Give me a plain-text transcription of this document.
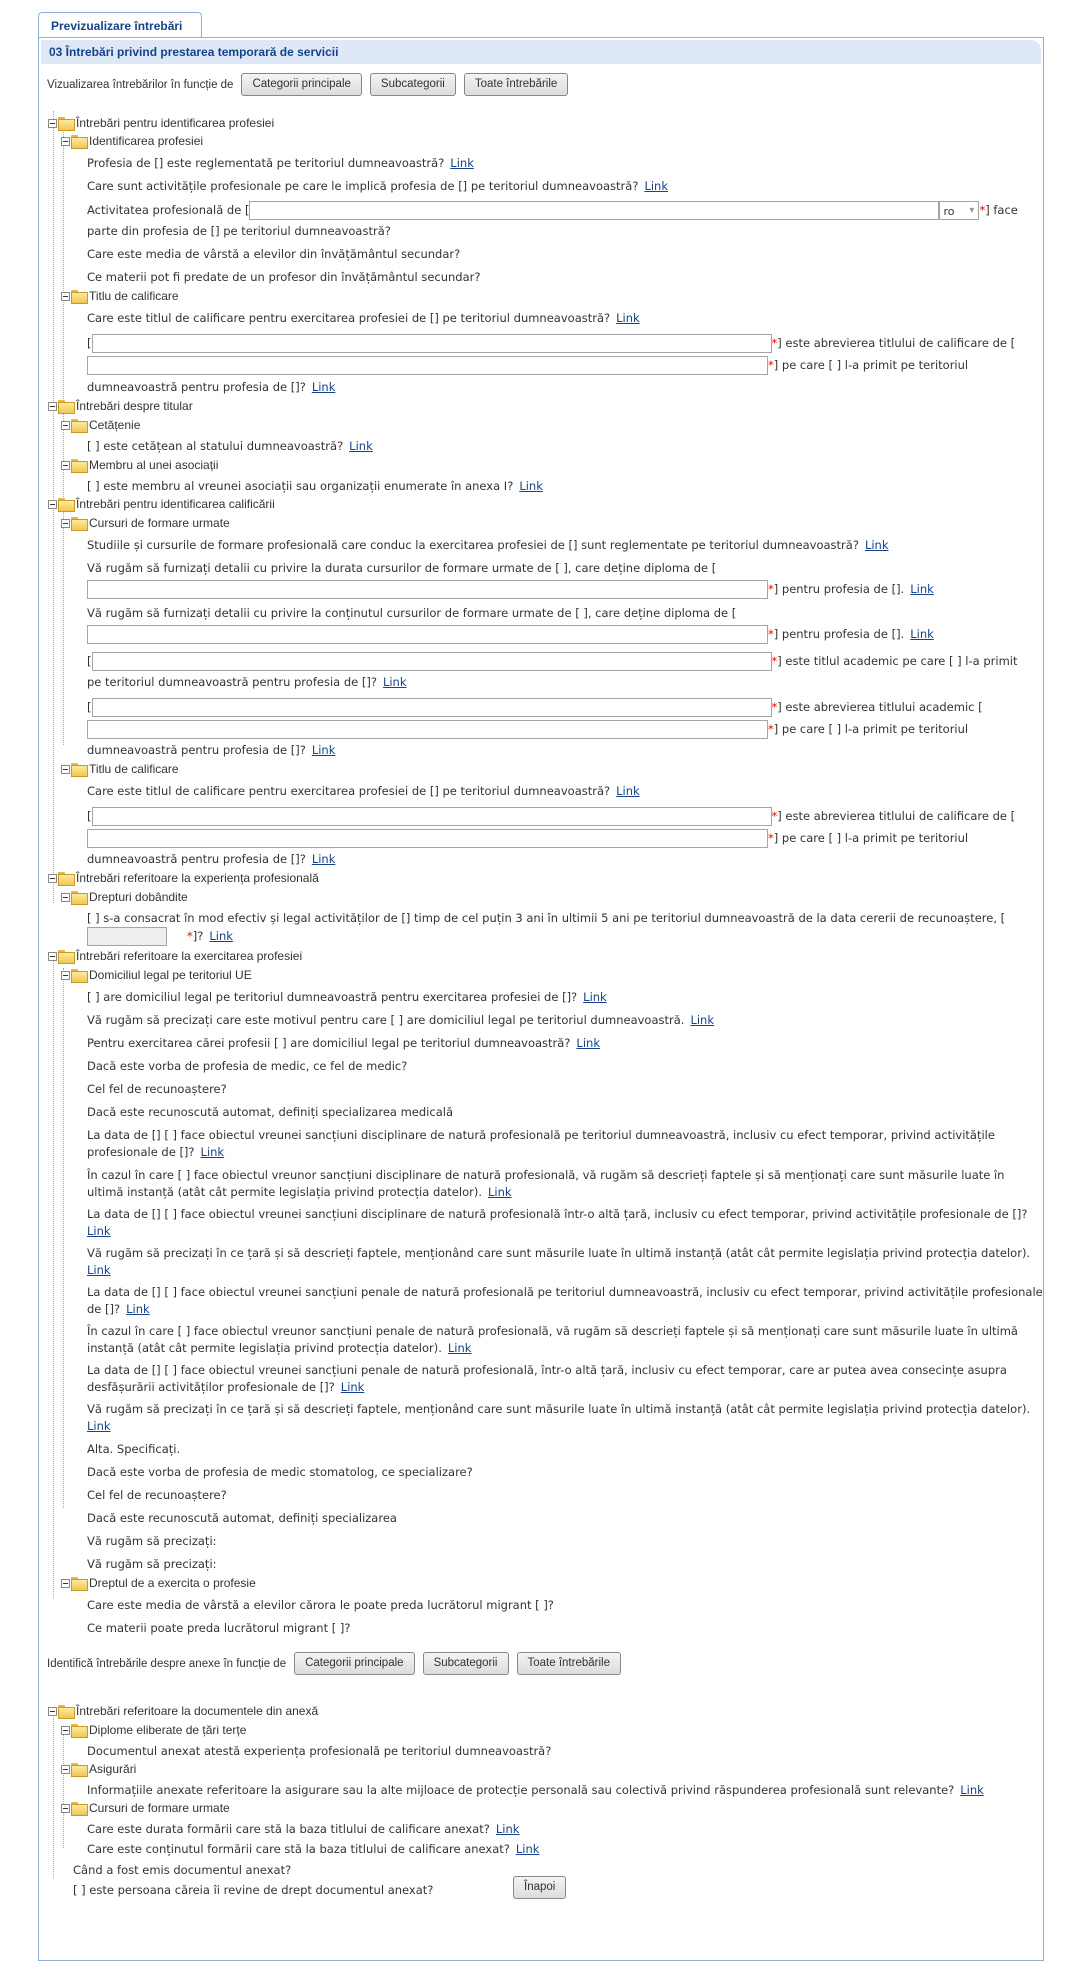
Previzualizare întrebări
03 Întrebări privind prestarea temporară de servicii
Vizualizarea întrebărilor în funcție de	Categorii principale	Subcategorii	Toate întrebările
Întrebări pentru identificarea profesiei
Identificarea profesiei
Profesia de [] este reglementată pe teritoriul dumneavoastră? Link
Care sunt activitățile profesionale pe care le implică profesia de [] pe teritoriul dumneavoastră? Link
Activitatea profesională de [	ro ▾ *] face
parte din profesia de [] pe teritoriul dumneavoastră?
Care este media de vârstă a elevilor din învățământul secundar?
Ce materii pot fi predate de un profesor din învățământul secundar?
Titlu de calificare
Care este titlul de calificare pentru exercitarea profesiei de [] pe teritoriul dumneavoastră? Link
[	*] este abrevierea titlului de calificare de [
*] pe care [ ] l-a primit pe teritoriul
dumneavoastră pentru profesia de []? Link
Întrebări despre titular
Cetățenie
[ ] este cetățean al statului dumneavoastră? Link
Membru al unei asociații
[ ] este membru al vreunei asociații sau organizații enumerate în anexa I? Link
Întrebări pentru identificarea calificării
Cursuri de formare urmate
Studiile și cursurile de formare profesională care conduc la exercitarea profesiei de [] sunt reglementate pe teritoriul dumneavoastră? Link
Vă rugăm să furnizați detalii cu privire la durata cursurilor de formare urmate de [ ], care deține diploma de [
*] pentru profesia de []. Link
Vă rugăm să furnizați detalii cu privire la conținutul cursurilor de formare urmate de [ ], care deține diploma de [
*] pentru profesia de []. Link
[	*] este titlul academic pe care [ ] l-a primit
pe teritoriul dumneavoastră pentru profesia de []? Link
[	*] este abrevierea titlului academic [
*] pe care [ ] l-a primit pe teritoriul
dumneavoastră pentru profesia de []? Link
Titlu de calificare
Care este titlul de calificare pentru exercitarea profesiei de [] pe teritoriul dumneavoastră? Link
[	*] este abrevierea titlului de calificare de [
*] pe care [ ] l-a primit pe teritoriul
dumneavoastră pentru profesia de []? Link
Întrebări referitoare la experiența profesională
Drepturi dobândite
[ ] s-a consacrat în mod efectiv și legal activităților de [] timp de cel puțin 3 ani în ultimii 5 ani pe teritoriul dumneavoastră de la data cererii de recunoaștere, [
*]? Link
Întrebări referitoare la exercitarea profesiei
Domiciliul legal pe teritoriul UE
[ ] are domiciliul legal pe teritoriul dumneavoastră pentru exercitarea profesiei de []? Link
Vă rugăm să precizați care este motivul pentru care [ ] are domiciliul legal pe teritoriul dumneavoastră. Link
Pentru exercitarea cărei profesii [ ] are domiciliul legal pe teritoriul dumneavoastră? Link
Dacă este vorba de profesia de medic, ce fel de medic?
Cel fel de recunoaștere?
Dacă este recunoscută automat, definiți specializarea medicală
La data de [] [ ] face obiectul vreunei sancțiuni disciplinare de natură profesională pe teritoriul dumneavoastră, inclusiv cu efect temporar, privind activitățile
profesionale de []? Link
În cazul în care [ ] face obiectul vreunor sancțiuni disciplinare de natură profesională, vă rugăm să descrieți faptele și să menționați care sunt măsurile luate în
ultimă instanță (atât cât permite legislația privind protecția datelor). Link
La data de [] [ ] face obiectul vreunei sancțiuni disciplinare de natură profesională într-o altă țară, inclusiv cu efect temporar, privind activitățile profesionale de []?
Link
Vă rugăm să precizați în ce țară și să descrieți faptele, menționând care sunt măsurile luate în ultimă instanță (atât cât permite legislația privind protecția datelor).
Link
La data de [] [ ] face obiectul vreunei sancțiuni penale de natură profesională pe teritoriul dumneavoastră, inclusiv cu efect temporar, privind activitățile profesionale
de []? Link
În cazul în care [ ] face obiectul vreunor sancțiuni penale de natură profesională, vă rugăm să descrieți faptele și să menționați care sunt măsurile luate în ultimă
instanță (atât cât permite legislația privind protecția datelor). Link
La data de [] [ ] face obiectul vreunei sancțiuni penale de natură profesională, într-o altă țară, inclusiv cu efect temporar, care ar putea avea consecințe asupra
desfășurării activităților profesionale de []? Link
Vă rugăm să precizați în ce țară și să descrieți faptele, menționând care sunt măsurile luate în ultimă instanță (atât cât permite legislația privind protecția datelor).
Link
Alta. Specificați.
Dacă este vorba de profesia de medic stomatolog, ce specializare?
Cel fel de recunoaștere?
Dacă este recunoscută automat, definiți specializarea
Vă rugăm să precizați:
Vă rugăm să precizați:
Dreptul de a exercita o profesie
Care este media de vârstă a elevilor cărora le poate preda lucrătorul migrant [ ]?
Ce materii poate preda lucrătorul migrant [ ]?
Identifică întrebările despre anexe în funcție de	Categorii principale	Subcategorii	Toate întrebările
Întrebări referitoare la documentele din anexă
Diplome eliberate de țări terțe
Documentul anexat atestă experiența profesională pe teritoriul dumneavoastră?
Asigurări
Informațiile anexate referitoare la asigurare sau la alte mijloace de protecție personală sau colectivă privind răspunderea profesională sunt relevante? Link
Cursuri de formare urmate
Care este durata formării care stă la baza titlului de calificare anexat? Link
Care este conținutul formării care stă la baza titlului de calificare anexat? Link
Când a fost emis documentul anexat?
[ ] este persoana căreia îi revine de drept documentul anexat?	Înapoi
